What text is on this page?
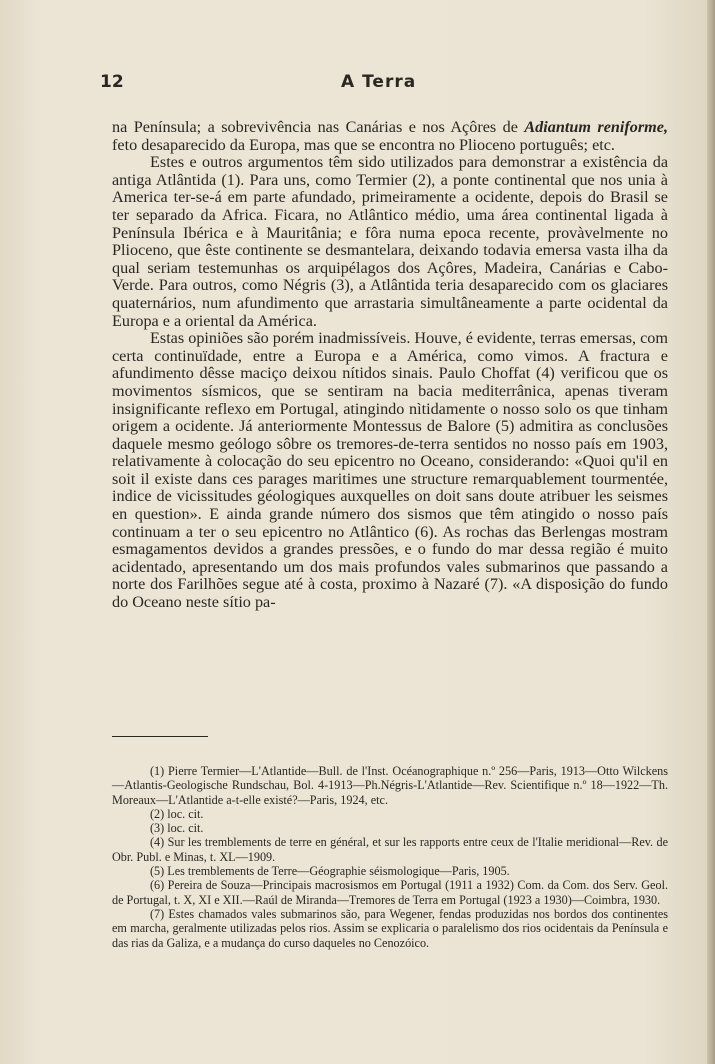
12	A Terra

na Península; a sobrevivência nas Canárias e nos Açôres de Adiantum reniforme, feto desaparecido da Europa, mas que se encontra no Plioceno português; etc.

Estes e outros argumentos têm sido utilizados para demonstrar a existência da antiga Atlântida (1). Para uns, como Termier (2), a ponte continental que nos unia à America ter-se-á em parte afundado, primeiramente a ocidente, depois do Brasil se ter separado da Africa. Ficara, no Atlântico médio, uma área continental ligada à Península Ibérica e à Mauritânia; e fôra numa epoca recente, provàvelmente no Plioceno, que êste continente se desmantelara, deixando todavia emersa vasta ilha da qual seriam testemunhas os arquipélagos dos Açôres, Madeira, Canárias e Cabo-Verde. Para outros, como Négris (3), a Atlântida teria desaparecido com os glaciares quaternários, num afundimento que arrastaria simultâneamente a parte ocidental da Europa e a oriental da América.

Estas opiniões são porém inadmissíveis. Houve, é evidente, terras emersas, com certa continuïdade, entre a Europa e a América, como vimos. A fractura e afundimento dêsse maciço deixou nítidos sinais. Paulo Choffat (4) verificou que os movimentos sísmicos, que se sentiram na bacia mediterrânica, apenas tiveram insignificante reflexo em Portugal, atingindo nìtidamente o nosso solo os que tinham origem a ocidente. Já anteriormente Montessus de Balore (5) admitira as conclusões daquele mesmo geólogo sôbre os tremores-de-terra sentidos no nosso país em 1903, relativamente à colocação do seu epicentro no Oceano, considerando: «Quoi qu'il en soit il existe dans ces parages maritimes une structure remarquablement tourmentée, indice de vicissitudes géologiques auxquelles on doit sans doute atribuer les seismes en question». E ainda grande número dos sismos que têm atingido o nosso país continuam a ter o seu epicentro no Atlântico (6). As rochas das Berlengas mostram esmagamentos devidos a grandes pressões, e o fundo do mar dessa região é muito acidentado, apresentando um dos mais profundos vales submarinos que passando a norte dos Farilhões segue até à costa, proximo à Nazaré (7). «A disposição do fundo do Oceano neste sítio pa-

(1) Pierre Termier—L'Atlantide—Bull. de l'Inst. Océanographique n.º 256—Paris, 1913—Otto Wilckens—Atlantis-Geologische Rundschau, Bol. 4-1913—Ph.Négris-L'Atlantide—Rev. Scientifique n.º 18—1922—Th. Moreaux—L'Atlantide a-t-elle existé?—Paris, 1924, etc.

(2) loc. cit.

(3) loc. cit.

(4) Sur les tremblements de terre en général, et sur les rapports entre ceux de l'Italie meridional—Rev. de Obr. Publ. e Minas, t. XL—1909.

(5) Les tremblements de Terre—Géographie séismologique—Paris, 1905.

(6) Pereira de Souza—Principais macrosismos em Portugal (1911 a 1932) Com. da Com. dos Serv. Geol. de Portugal, t. X, XI e XII.—Raúl de Miranda—Tremores de Terra em Portugal (1923 a 1930)—Coimbra, 1930.

(7) Estes chamados vales submarinos são, para Wegener, fendas produzidas nos bordos dos continentes em marcha, geralmente utilizadas pelos rios. Assim se explicaria o paralelismo dos rios ocidentais da Península e das rias da Galiza, e a mudança do curso daqueles no Cenozóico.
